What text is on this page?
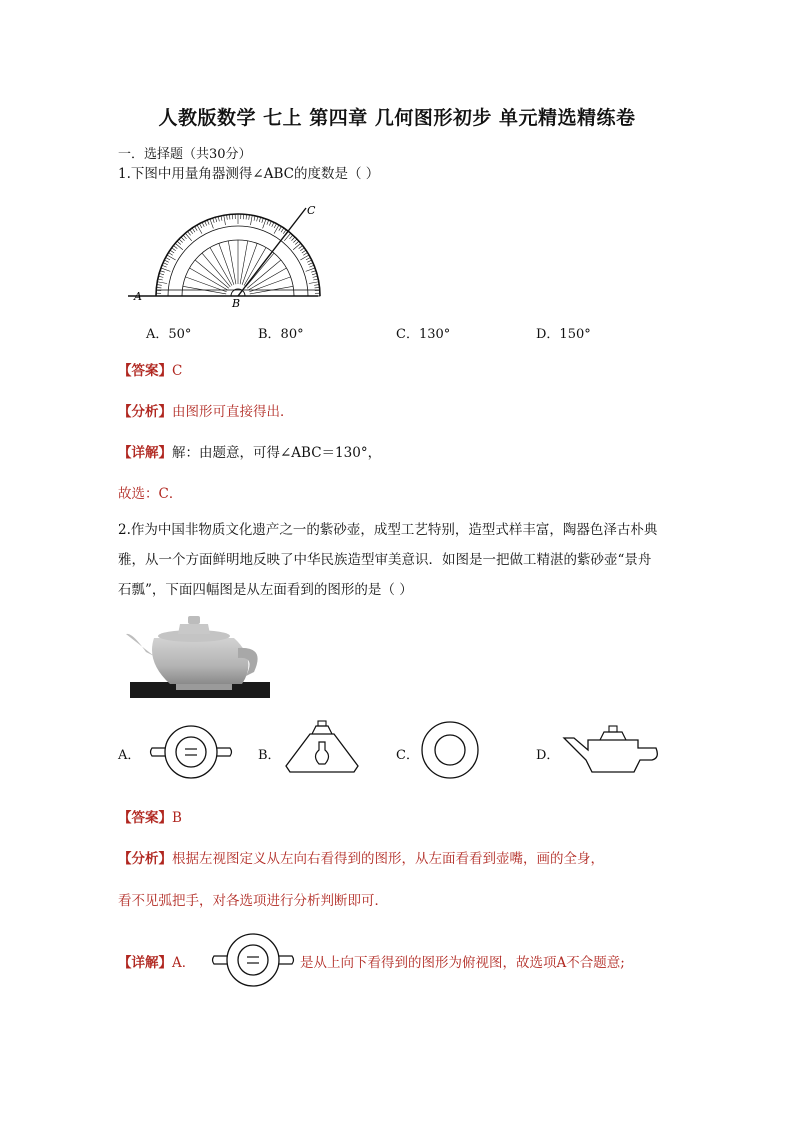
人教版数学 七上 第四章 几何图形初步 单元精选精练卷
一．选择题（共30分）
1.下图中用量角器测得∠ABC的度数是（ ）
A
B
C
A．50°	B．80°	C．130°	D．150°
【答案】C
【分析】由图形可直接得出．
【详解】解：由题意，可得∠ABC＝130°，
故选：C．
2.作为中国非物质文化遗产之一的紫砂壶，成型工艺特别，造型式样丰富，陶器色泽古朴典
雅，从一个方面鲜明地反映了中华民族造型审美意识．如图是一把做工精湛的紫砂壶“景舟
石瓢”，下面四幅图是从左面看到的图形的是（ ）
A．	B．	C．	D．
【答案】B
【分析】根据左视图定义从左向右看得到的图形，从左面看看到壶嘴，画的全身，
看不见弧把手，对各选项进行分析判断即可．
【详解】A．	是从上向下看得到的图形为俯视图，故选项A不合题意;
